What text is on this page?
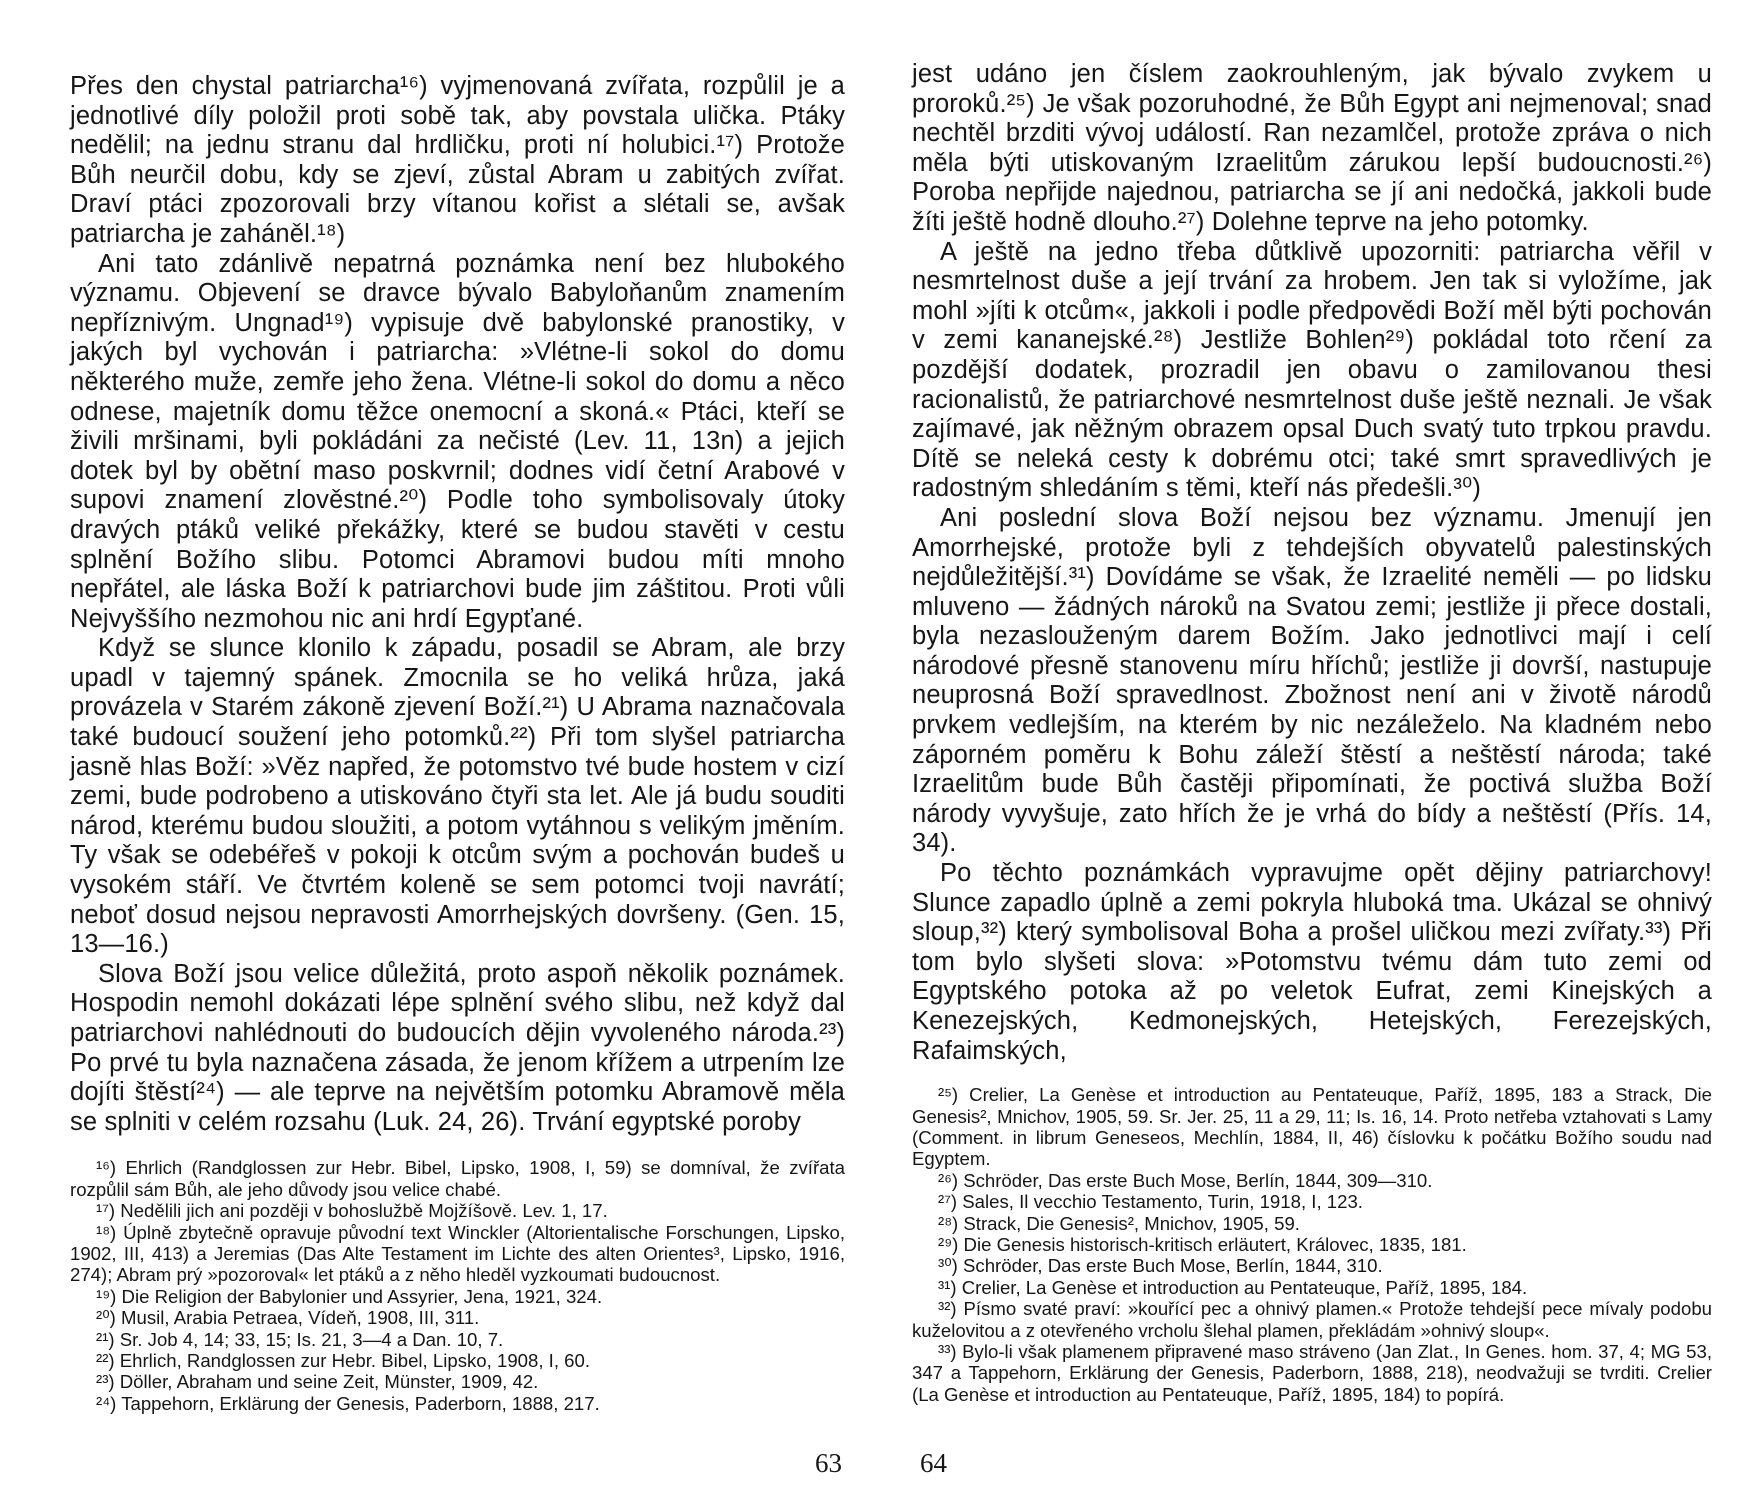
Přes den chystal patriarcha¹⁶) vyjmenovaná zvířata, rozpůlil je a jednotlivé díly položil proti sobě tak, aby povstala ulička. Ptáky nedělil; na jednu stranu dal hrdličku, proti ní holubici.¹⁷) Protože Bůh neurčil dobu, kdy se zjeví, zůstal Abram u zabitých zvířat. Draví ptáci zpozorovali brzy vítanou kořist a slétali se, avšak patriarcha je zaháněl.¹⁸)

Ani tato zdánlivě nepatrná poznámka není bez hlubokého významu. Objevení se dravce bývalo Babyloňanům znamením nepříznivým. Ungnad¹⁹) vypisuje dvě babylonské pranostiky, v jakých byl vychován i patriarcha: »Vlétne-li sokol do domu některého muže, zemře jeho žena. Vlétne-li sokol do domu a něco odnese, majetník domu těžce onemocní a skoná.« Ptáci, kteří se živili mršinami, byli pokládáni za nečisté (Lev. 11, 13n) a jejich dotek byl by obětní maso poskvrnil; dodnes vidí četní Arabové v supovi znamení zlověstné.²⁰) Podle toho symbolisovaly útoky dravých ptáků veliké překážky, které se budou stavěti v cestu splnění Božího slibu. Potomci Abramovi budou míti mnoho nepřátel, ale láska Boží k patriarchovi bude jim záštitou. Proti vůli Nejvyššího nezmohou nic ani hrdí Egypťané.

Když se slunce klonilo k západu, posadil se Abram, ale brzy upadl v tajemný spánek. Zmocnila se ho veliká hrůza, jaká provázela v Starém zákoně zjevení Boží.²¹) U Abrama naznačovala také budoucí soužení jeho potomků.²²) Při tom slyšel patriarcha jasně hlas Boží: »Věz napřed, že potomstvo tvé bude hostem v cizí zemi, bude podrobeno a utiskováno čtyři sta let. Ale já budu souditi národ, kterému budou sloužiti, a potom vytáhnou s velikým jměním. Ty však se odebéřeš v pokoji k otcům svým a pochován budeš u vysokém stáří. Ve čtvrtém koleně se sem potomci tvoji navrátí; neboť dosud nejsou nepravosti Amorrhejských dovršeny. (Gen. 15, 13—16.)

Slova Boží jsou velice důležitá, proto aspoň několik poznámek. Hospodin nemohl dokázati lépe splnění svého slibu, než když dal patriarchovi nahlédnouti do budoucích dějin vyvoleného národa.²³) Po prvé tu byla naznačena zásada, že jenom křížem a utrpením lze dojíti štěstí²⁴) — ale teprve na největším potomku Abramově měla se splniti v celém rozsahu (Luk. 24, 26). Trvání egyptské poroby

¹⁶) Ehrlich (Randglossen zur Hebr. Bibel, Lipsko, 1908, I, 59) se domníval, že zvířata rozpůlil sám Bůh, ale jeho důvody jsou velice chabé.

¹⁷) Nedělili jich ani později v bohoslužbě Mojžíšově. Lev. 1, 17.

¹⁸) Úplně zbytečně opravuje původní text Winckler (Altorientalische Forschungen, Lipsko, 1902, III, 413) a Jeremias (Das Alte Testament im Lichte des alten Orientes³, Lipsko, 1916, 274); Abram prý »pozoroval« let ptáků a z něho hleděl vyzkoumati budoucnost.

¹⁹) Die Religion der Babylonier und Assyrier, Jena, 1921, 324.

²⁰) Musil, Arabia Petraea, Vídeň, 1908, III, 311.

²¹) Sr. Job 4, 14; 33, 15; Is. 21, 3—4 a Dan. 10, 7.

²²) Ehrlich, Randglossen zur Hebr. Bibel, Lipsko, 1908, I, 60.

²³) Döller, Abraham und seine Zeit, Münster, 1909, 42.

²⁴) Tappehorn, Erklärung der Genesis, Paderborn, 1888, 217.

63

jest udáno jen číslem zaokrouhleným, jak bývalo zvykem u proroků.²⁵) Je však pozoruhodné, že Bůh Egypt ani nejmenoval; snad nechtěl brzditi vývoj událostí. Ran nezamlčel, protože zpráva o nich měla býti utiskovaným Izraelitům zárukou lepší budoucnosti.²⁶) Poroba nepřijde najednou, patriarcha se jí ani nedočká, jakkoli bude žíti ještě hodně dlouho.²⁷) Dolehne teprve na jeho potomky.

A ještě na jedno třeba důtklivě upozorniti: patriarcha věřil v nesmrtelnost duše a její trvání za hrobem. Jen tak si vyložíme, jak mohl »jíti k otcům«, jakkoli i podle předpovědi Boží měl býti pochován v zemi kananejské.²⁸) Jestliže Bohlen²⁹) pokládal toto rčení za pozdější dodatek, prozradil jen obavu o zamilovanou thesi racionalistů, že patriarchové nesmrtelnost duše ještě neznali. Je však zajímavé, jak něžným obrazem opsal Duch svatý tuto trpkou pravdu. Dítě se neleká cesty k dobrému otci; také smrt spravedlivých je radostným shledáním s těmi, kteří nás předešli.³⁰)

Ani poslední slova Boží nejsou bez významu. Jmenují jen Amorrhejské, protože byli z tehdejších obyvatelů palestinských nejdůležitější.³¹) Dovídáme se však, že Izraelité neměli — po lidsku mluveno — žádných nároků na Svatou zemi; jestliže ji přece dostali, byla nezaslouženým darem Božím. Jako jednotlivci mají i celí národové přesně stanovenu míru hříchů; jestliže ji dovrší, nastupuje neuprosná Boží spravedlnost. Zbožnost není ani v životě národů prvkem vedlejším, na kterém by nic nezáleželo. Na kladném nebo záporném poměru k Bohu záleží štěstí a neštěstí národa; také Izraelitům bude Bůh častěji připomínati, že poctivá služba Boží národy vyvyšuje, zato hřích že je vrhá do bídy a neštěstí (Přís. 14, 34).

Po těchto poznámkách vypravujme opět dějiny patriarchovy! Slunce zapadlo úplně a zemi pokryla hluboká tma. Ukázal se ohnivý sloup,³²) který symbolisoval Boha a prošel uličkou mezi zvířaty.³³) Při tom bylo slyšeti slova: »Potomstvu tvému dám tuto zemi od Egyptského potoka až po veletok Eufrat, zemi Kinejských a Kenezejských, Kedmonejských, Hetejských, Ferezejských, Rafaimských,

²⁵) Crelier, La Genèse et introduction au Pentateuque, Paříž, 1895, 183 a Strack, Die Genesis², Mnichov, 1905, 59. Sr. Jer. 25, 11 a 29, 11; Is. 16, 14. Proto netřeba vztahovati s Lamy (Comment. in librum Geneseos, Mechlín, 1884, II, 46) číslovku k počátku Božího soudu nad Egyptem.

²⁶) Schröder, Das erste Buch Mose, Berlín, 1844, 309—310.

²⁷) Sales, Il vecchio Testamento, Turin, 1918, I, 123.

²⁸) Strack, Die Genesis², Mnichov, 1905, 59.

²⁹) Die Genesis historisch-kritisch erläutert, Královec, 1835, 181.

³⁰) Schröder, Das erste Buch Mose, Berlín, 1844, 310.

³¹) Crelier, La Genèse et introduction au Pentateuque, Paříž, 1895, 184.

³²) Písmo svaté praví: »kouřící pec a ohnivý plamen.« Protože tehdejší pece mívaly podobu kuželovitou a z otevřeného vrcholu šlehal plamen, překládám »ohnivý sloup«.

³³) Bylo-li však plamenem připravené maso stráveno (Jan Zlat., In Genes. hom. 37, 4; MG 53, 347 a Tappehorn, Erklärung der Genesis, Paderborn, 1888, 218), neodvažuji se tvrditi. Crelier (La Genèse et introduction au Pentateuque, Paříž, 1895, 184) to popírá.

64
